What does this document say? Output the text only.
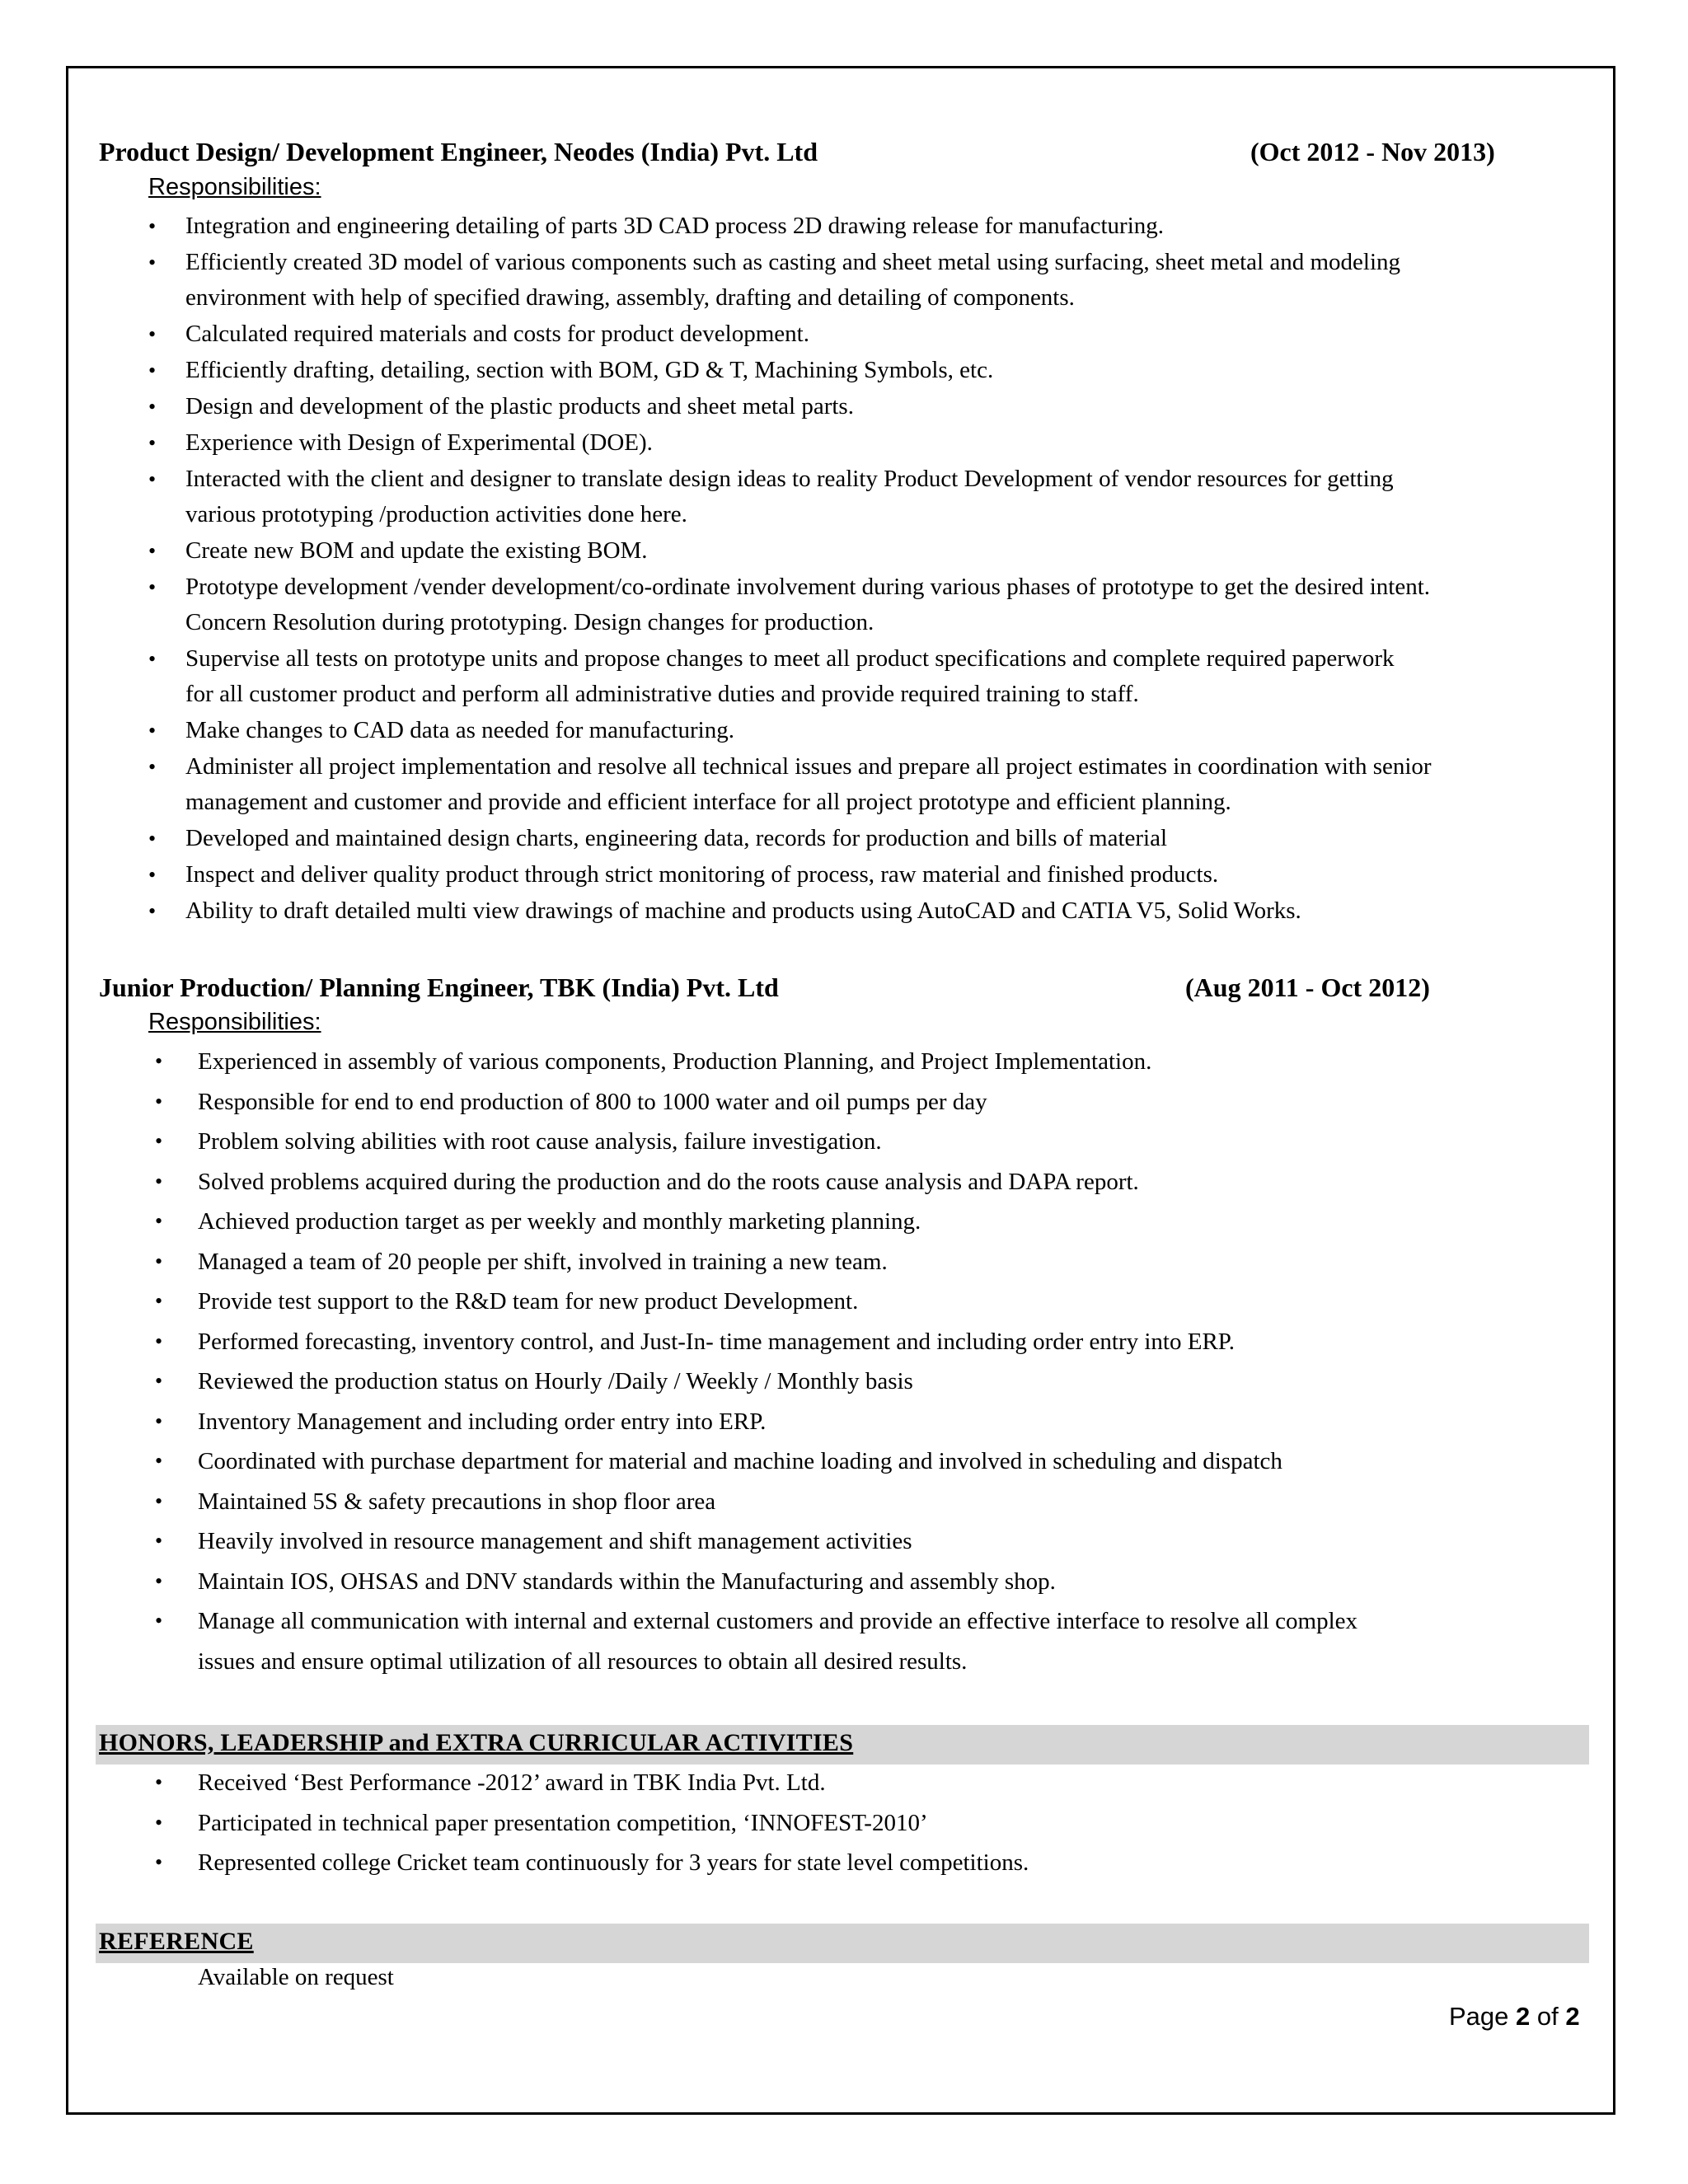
Product Design/ Development Engineer, Neodes (India) Pvt. Ltd	(Oct 2012 - Nov 2013)
Responsibilities:
• Integration and engineering detailing of parts 3D CAD process 2D drawing release for manufacturing.
• Efficiently created 3D model of various components such as casting and sheet metal using surfacing, sheet metal and modeling
environment with help of specified drawing, assembly, drafting and detailing of components.
• Calculated required materials and costs for product development.
• Efficiently drafting, detailing, section with BOM, GD & T, Machining Symbols, etc.
• Design and development of the plastic products and sheet metal parts.
• Experience with Design of Experimental (DOE).
• Interacted with the client and designer to translate design ideas to reality Product Development of vendor resources for getting
various prototyping /production activities done here.
• Create new BOM and update the existing BOM.
• Prototype development /vender development/co-ordinate involvement during various phases of prototype to get the desired intent.
Concern Resolution during prototyping. Design changes for production.
• Supervise all tests on prototype units and propose changes to meet all product specifications and complete required paperwork
for all customer product and perform all administrative duties and provide required training to staff.
• Make changes to CAD data as needed for manufacturing.
• Administer all project implementation and resolve all technical issues and prepare all project estimates in coordination with senior
management and customer and provide and efficient interface for all project prototype and efficient planning.
• Developed and maintained design charts, engineering data, records for production and bills of material
• Inspect and deliver quality product through strict monitoring of process, raw material and finished products.
• Ability to draft detailed multi view drawings of machine and products using AutoCAD and CATIA V5, Solid Works.
Junior Production/ Planning Engineer, TBK (India) Pvt. Ltd	(Aug 2011 - Oct 2012)
Responsibilities:
• Experienced in assembly of various components, Production Planning, and Project Implementation.
• Responsible for end to end production of 800 to 1000 water and oil pumps per day
• Problem solving abilities with root cause analysis, failure investigation.
• Solved problems acquired during the production and do the roots cause analysis and DAPA report.
• Achieved production target as per weekly and monthly marketing planning.
• Managed a team of 20 people per shift, involved in training a new team.
• Provide test support to the R&D team for new product Development.
• Performed forecasting, inventory control, and Just-In- time management and including order entry into ERP.
• Reviewed the production status on Hourly /Daily / Weekly / Monthly basis
• Inventory Management and including order entry into ERP.
• Coordinated with purchase department for material and machine loading and involved in scheduling and dispatch
• Maintained 5S & safety precautions in shop floor area
• Heavily involved in resource management and shift management activities
• Maintain IOS, OHSAS and DNV standards within the Manufacturing and assembly shop.
• Manage all communication with internal and external customers and provide an effective interface to resolve all complex
issues and ensure optimal utilization of all resources to obtain all desired results.
HONORS, LEADERSHIP and EXTRA CURRICULAR ACTIVITIES
• Received ‘Best Performance -2012’ award in TBK India Pvt. Ltd.
• Participated in technical paper presentation competition, ‘INNOFEST-2010’
• Represented college Cricket team continuously for 3 years for state level competitions.
REFERENCE
Available on request
Page 2 of 2
